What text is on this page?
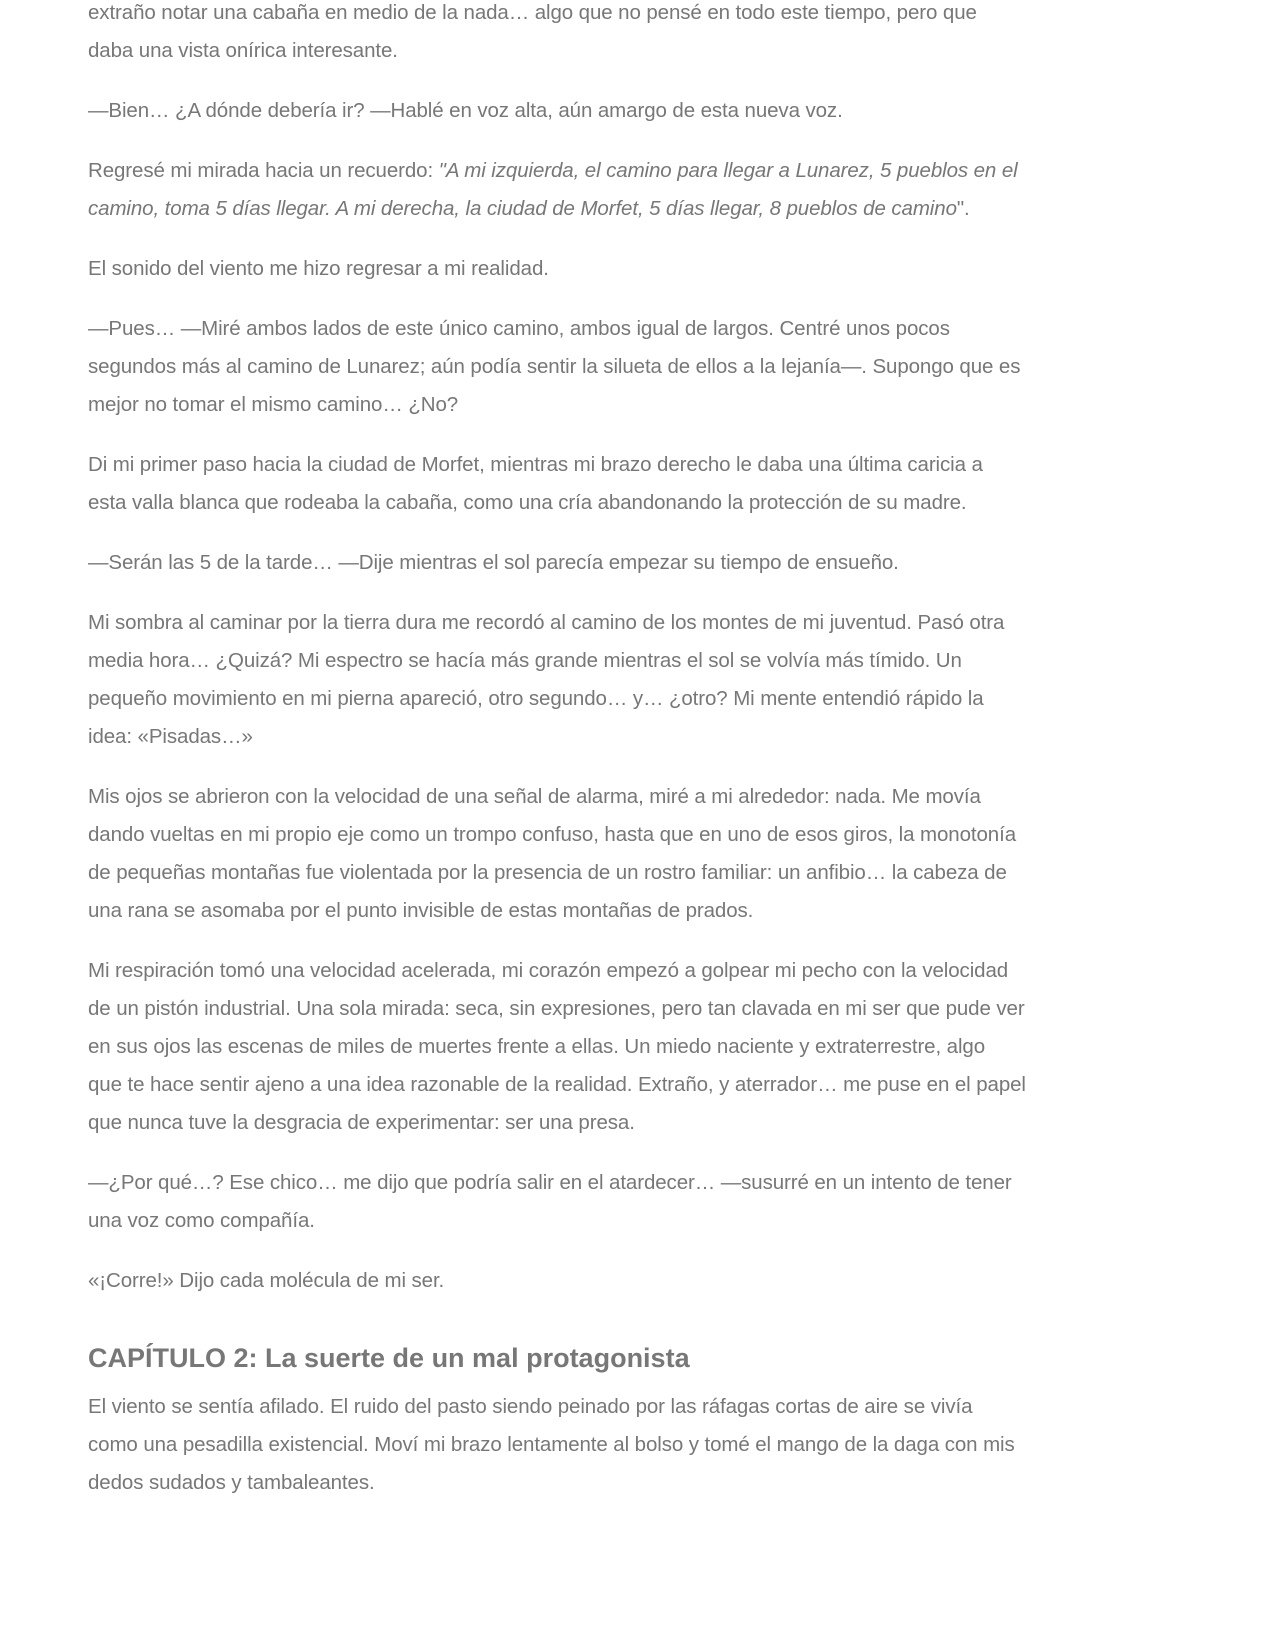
extraño notar una cabaña en medio de la nada… algo que no pensé en todo este tiempo, pero que
daba una vista onírica interesante.
—Bien… ¿A dónde debería ir? —Hablé en voz alta, aún amargo de esta nueva voz.
Regresé mi mirada hacia un recuerdo: "A mi izquierda, el camino para llegar a Lunarez, 5 pueblos en el
camino, toma 5 días llegar. A mi derecha, la ciudad de Morfet, 5 días llegar, 8 pueblos de camino".
El sonido del viento me hizo regresar a mi realidad.
—Pues… —Miré ambos lados de este único camino, ambos igual de largos. Centré unos pocos
segundos más al camino de Lunarez; aún podía sentir la silueta de ellos a la lejanía—. Supongo que es
mejor no tomar el mismo camino… ¿No?
Di mi primer paso hacia la ciudad de Morfet, mientras mi brazo derecho le daba una última caricia a
esta valla blanca que rodeaba la cabaña, como una cría abandonando la protección de su madre.
—Serán las 5 de la tarde… —Dije mientras el sol parecía empezar su tiempo de ensueño.
Mi sombra al caminar por la tierra dura me recordó al camino de los montes de mi juventud. Pasó otra
media hora… ¿Quizá? Mi espectro se hacía más grande mientras el sol se volvía más tímido. Un
pequeño movimiento en mi pierna apareció, otro segundo… y… ¿otro? Mi mente entendió rápido la
idea: «Pisadas…»
Mis ojos se abrieron con la velocidad de una señal de alarma, miré a mi alrededor: nada. Me movía
dando vueltas en mi propio eje como un trompo confuso, hasta que en uno de esos giros, la monotonía
de pequeñas montañas fue violentada por la presencia de un rostro familiar: un anfibio… la cabeza de
una rana se asomaba por el punto invisible de estas montañas de prados.
Mi respiración tomó una velocidad acelerada, mi corazón empezó a golpear mi pecho con la velocidad
de un pistón industrial. Una sola mirada: seca, sin expresiones, pero tan clavada en mi ser que pude ver
en sus ojos las escenas de miles de muertes frente a ellas. Un miedo naciente y extraterrestre, algo
que te hace sentir ajeno a una idea razonable de la realidad. Extraño, y aterrador… me puse en el papel
que nunca tuve la desgracia de experimentar: ser una presa.
—¿Por qué…? Ese chico… me dijo que podría salir en el atardecer… —susurré en un intento de tener
una voz como compañía.
«¡Corre!» Dijo cada molécula de mi ser.
CAPÍTULO 2: La suerte de un mal protagonista
El viento se sentía afilado. El ruido del pasto siendo peinado por las ráfagas cortas de aire se vivía
como una pesadilla existencial. Moví mi brazo lentamente al bolso y tomé el mango de la daga con mis
dedos sudados y tambaleantes.
